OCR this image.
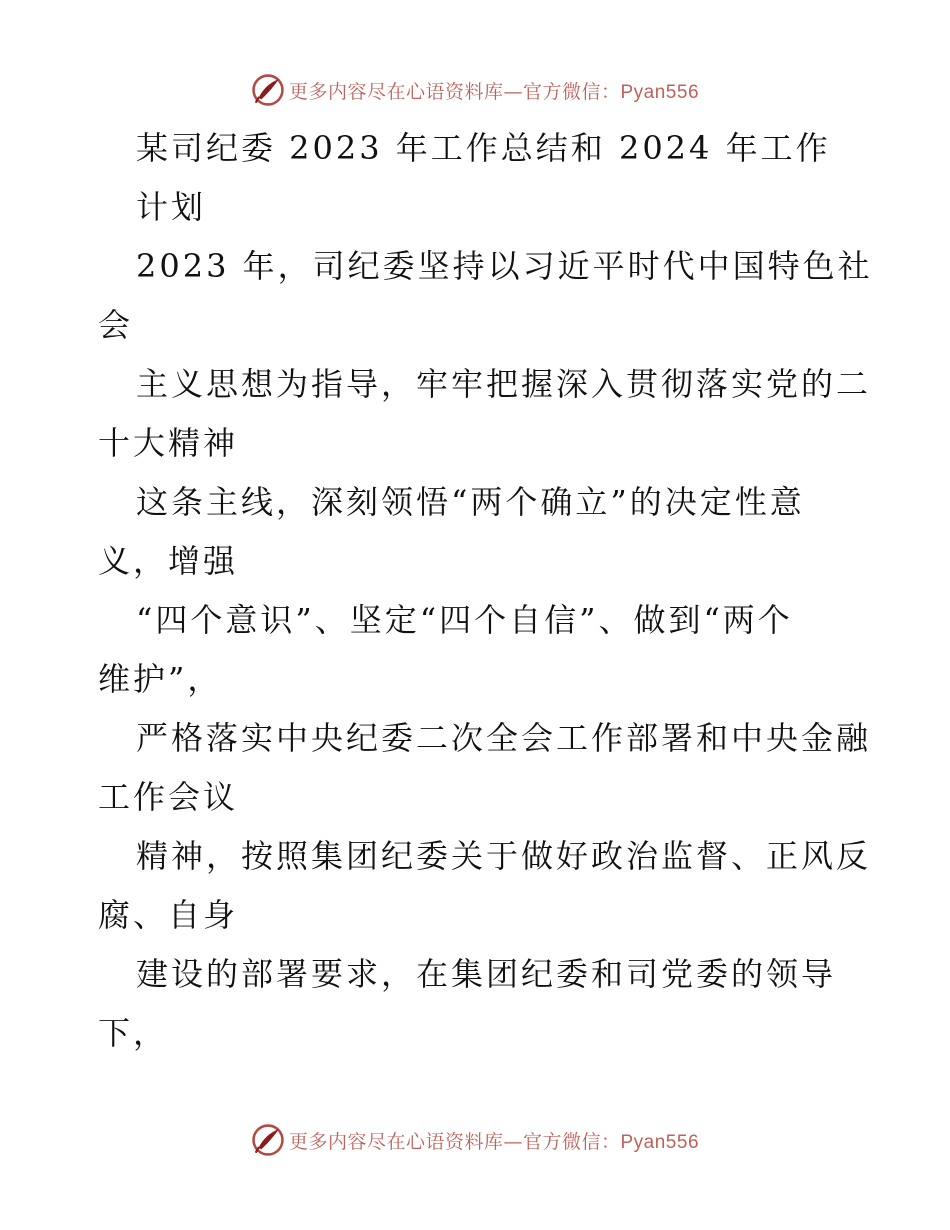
更多内容尽在心语资料库—官方微信：Pyan556
某司纪委 2023 年工作总结和 2024 年工作
计划
2023 年，司纪委坚持以习近平时代中国特色社
会
主义思想为指导，牢牢把握深入贯彻落实党的二
十大精神
这条主线，深刻领悟“两个确立”的决定性意
义，增强
“四个意识”、坚定“四个自信”、做到“两个
维护”，
严格落实中央纪委二次全会工作部署和中央金融
工作会议
精神，按照集团纪委关于做好政治监督、正风反
腐、自身
建设的部署要求，在集团纪委和司党委的领导
下，
更多内容尽在心语资料库—官方微信：Pyan556
